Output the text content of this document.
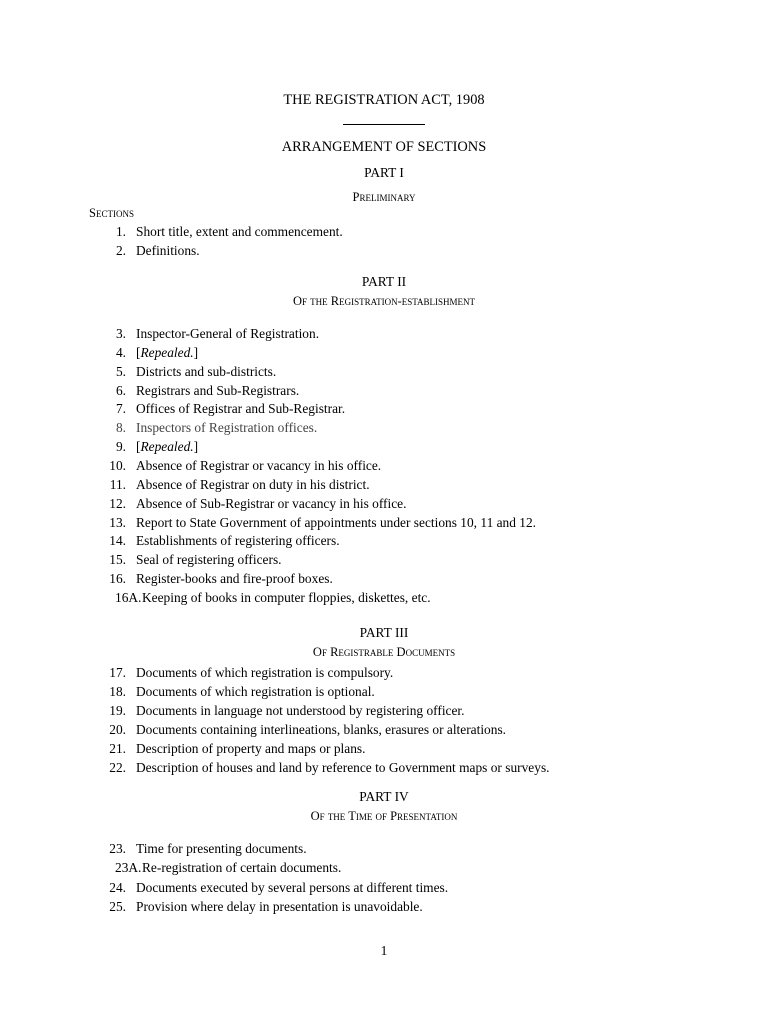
THE REGISTRATION ACT, 1908
ARRANGEMENT OF SECTIONS
PART I
Preliminary
Sections
1. Short title, extent and commencement.
2. Definitions.
PART II
Of the Registration-establishment
3. Inspector-General of Registration.
4. [Repealed.]
5. Districts and sub-districts.
6. Registrars and Sub-Registrars.
7. Offices of Registrar and Sub-Registrar.
8. Inspectors of Registration offices.
9. [Repealed.]
10. Absence of Registrar or vacancy in his office.
11. Absence of Registrar on duty in his district.
12. Absence of Sub-Registrar or vacancy in his office.
13. Report to State Government of appointments under sections 10, 11 and 12.
14. Establishments of registering officers.
15. Seal of registering officers.
16. Register-books and fire-proof boxes.
16A. Keeping of books in computer floppies, diskettes, etc.
PART III
Of Registrable Documents
17. Documents of which registration is compulsory.
18. Documents of which registration is optional.
19. Documents in language not understood by registering officer.
20. Documents containing interlineations, blanks, erasures or alterations.
21. Description of property and maps or plans.
22. Description of houses and land by reference to Government maps or surveys.
PART IV
Of the Time of Presentation
23. Time for presenting documents.
23A. Re-registration of certain documents.
24. Documents executed by several persons at different times.
25. Provision where delay in presentation is unavoidable.
1
